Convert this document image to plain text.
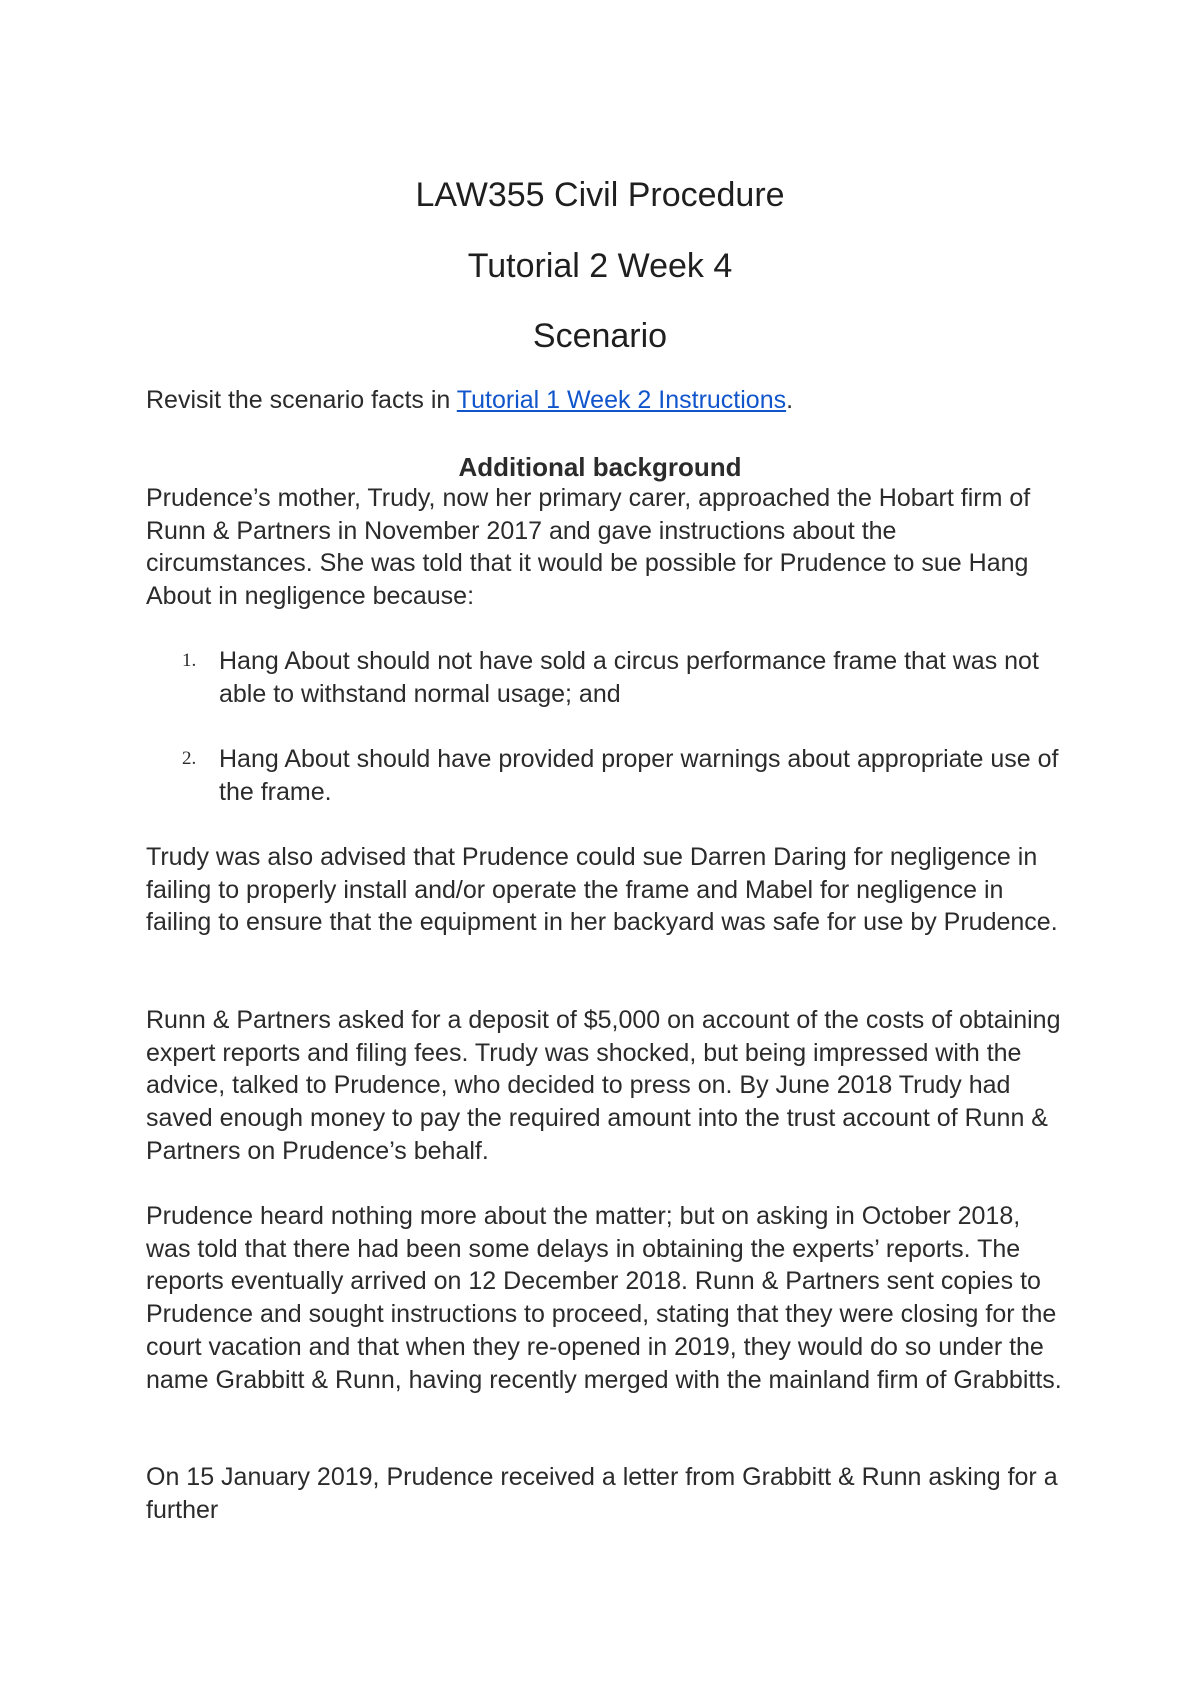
LAW355 Civil Procedure
Tutorial 2 Week 4
Scenario

Revisit the scenario facts in Tutorial 1 Week 2 Instructions.

Additional background

Prudence’s mother, Trudy, now her primary carer, approached the Hobart firm of Runn & Partners in November 2017 and gave instructions about the circumstances. She was told that it would be possible for Prudence to sue Hang About in negligence because:

1. Hang About should not have sold a circus performance frame that was not able to withstand normal usage; and
2. Hang About should have provided proper warnings about appropriate use of the frame.

Trudy was also advised that Prudence could sue Darren Daring for negligence in failing to properly install and/or operate the frame and Mabel for negligence in failing to ensure that the equipment in her backyard was safe for use by Prudence.

Runn & Partners asked for a deposit of $5,000 on account of the costs of obtaining expert reports and filing fees. Trudy was shocked, but being impressed with the advice, talked to Prudence, who decided to press on. By June 2018 Trudy had saved enough money to pay the required amount into the trust account of Runn & Partners on Prudence’s behalf.

Prudence heard nothing more about the matter; but on asking in October 2018, was told that there had been some delays in obtaining the experts’ reports. The reports eventually arrived on 12 December 2018. Runn & Partners sent copies to Prudence and sought instructions to proceed, stating that they were closing for the court vacation and that when they re-opened in 2019, they would do so under the name Grabbitt & Runn, having recently merged with the mainland firm of Grabbitts.

On 15 January 2019, Prudence received a letter from Grabbitt & Runn asking for a further
